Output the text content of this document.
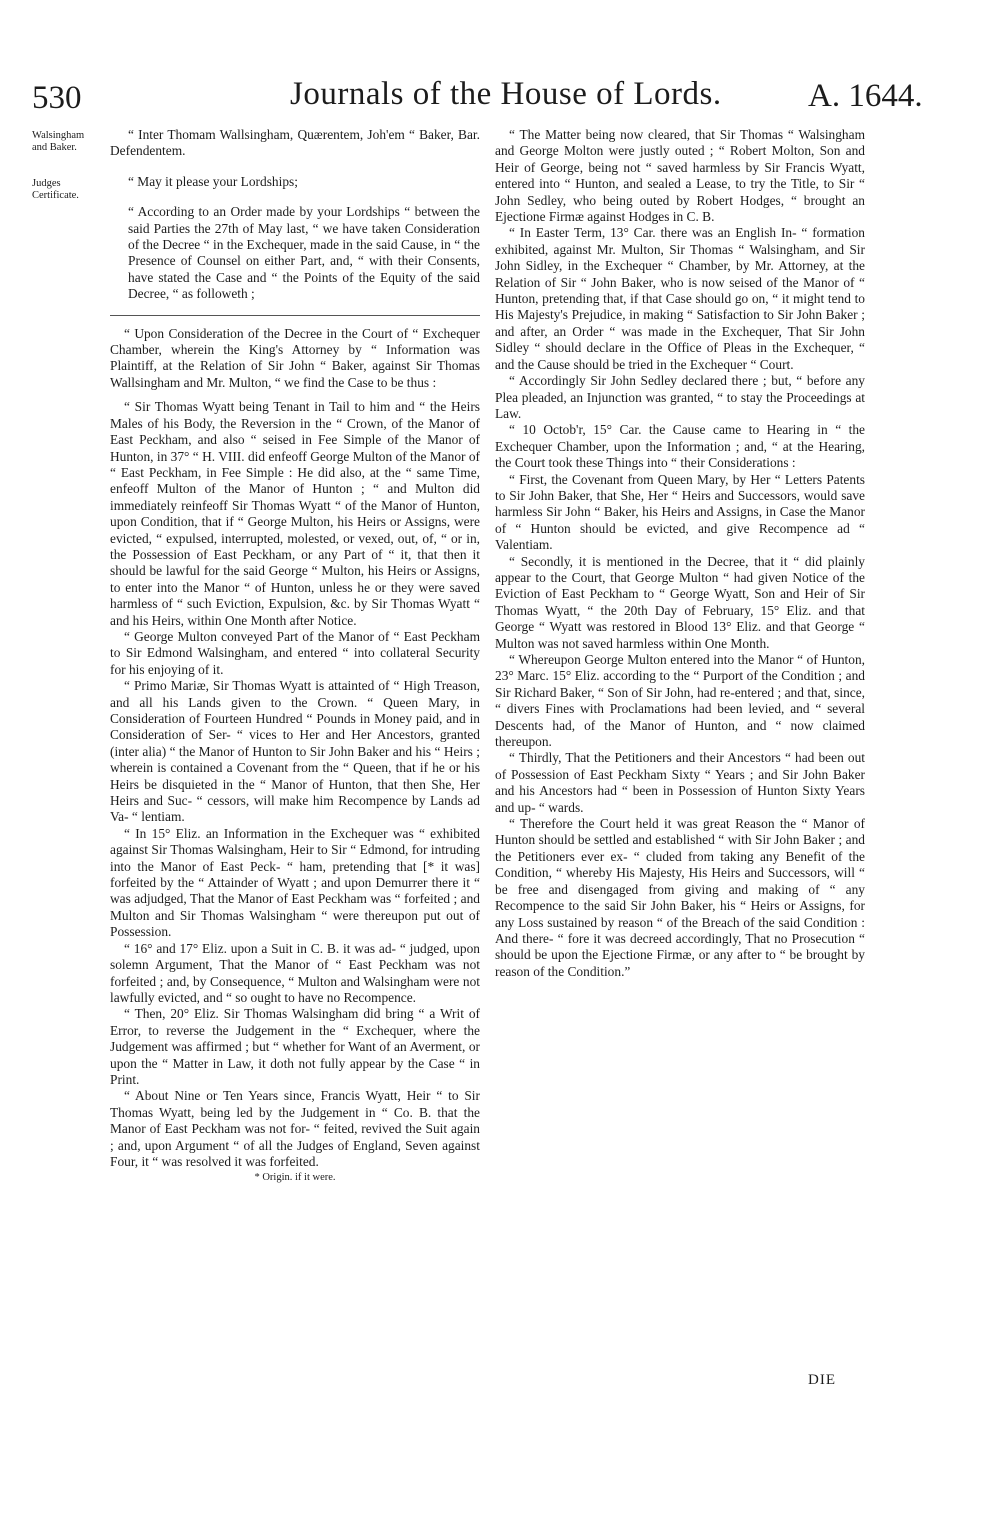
530	Journals of the House of Lords.	A. 1644.
Walsingham and Baker.
Judges Certificate.

“ Inter Thomam Wallsingham, Quærentem, Joh'em “ Baker, Bar. Defendentem.

“ May it please your Lordships;

“ According to an Order made by your Lordships “ between the said Parties the 27th of May last, “ we have taken Consideration of the Decree “ in the Exchequer, made in the said Cause, in “ the Presence of Counsel on either Part, and, “ with their Consents, have stated the Case and “ the Points of the Equity of the said Decree, “ as followeth ;

“ Upon Consideration of the Decree in the Court of “ Exchequer Chamber, wherein the King's Attorney by “ Information was Plaintiff, at the Relation of Sir John “ Baker, against Sir Thomas Wallsingham and Mr. Multon, “ we find the Case to be thus :

“ Sir Thomas Wyatt being Tenant in Tail to him and “ the Heirs Males of his Body, the Reversion in the “ Crown, of the Manor of East Peckham, and also “ seised in Fee Simple of the Manor of Hunton, in 37° “ H. VIII. did enfeoff George Multon of the Manor of “ East Peckham, in Fee Simple : He did also, at the “ same Time, enfeoff Multon of the Manor of Hunton ; “ and Multon did immediately reinfeoff Sir Thomas Wyatt “ of the Manor of Hunton, upon Condition, that if “ George Multon, his Heirs or Assigns, were evicted, “ expulsed, interrupted, molested, or vexed, out, of, “ or in, the Possession of East Peckham, or any Part of “ it, that then it should be lawful for the said George “ Multon, his Heirs or Assigns, to enter into the Manor “ of Hunton, unless he or they were saved harmless of “ such Eviction, Expulsion, &c. by Sir Thomas Wyatt “ and his Heirs, within One Month after Notice.

“ George Multon conveyed Part of the Manor of “ East Peckham to Sir Edmond Walsingham, and entered “ into collateral Security for his enjoying of it.

“ Primo Mariæ, Sir Thomas Wyatt is attainted of “ High Treason, and all his Lands given to the Crown. “ Queen Mary, in Consideration of Fourteen Hundred “ Pounds in Money paid, and in Consideration of Ser- “ vices to Her and Her Ancestors, granted (inter alia) “ the Manor of Hunton to Sir John Baker and his “ Heirs ; wherein is contained a Covenant from the “ Queen, that if he or his Heirs be disquieted in the “ Manor of Hunton, that then She, Her Heirs and Suc- “ cessors, will make him Recompence by Lands ad Va- “ lentiam.

“ In 15° Eliz. an Information in the Exchequer was “ exhibited against Sir Thomas Walsingham, Heir to Sir “ Edmond, for intruding into the Manor of East Peck- “ ham, pretending that [* it was] forfeited by the “ Attainder of Wyatt ; and upon Demurrer there it “ was adjudged, That the Manor of East Peckham was “ forfeited ; and Multon and Sir Thomas Walsingham “ were thereupon put out of Possession.

“ 16° and 17° Eliz. upon a Suit in C. B. it was ad- “ judged, upon solemn Argument, That the Manor of “ East Peckham was not forfeited ; and, by Consequence, “ Multon and Walsingham were not lawfully evicted, and “ so ought to have no Recompence.

“ Then, 20° Eliz. Sir Thomas Walsingham did bring “ a Writ of Error, to reverse the Judgement in the “ Exchequer, where the Judgement was affirmed ; but “ whether for Want of an Averment, or upon the “ Matter in Law, it doth not fully appear by the Case “ in Print.

“ About Nine or Ten Years since, Francis Wyatt, Heir “ to Sir Thomas Wyatt, being led by the Judgement in “ Co. B. that the Manor of East Peckham was not for- “ feited, revived the Suit again ; and, upon Argument “ of all the Judges of England, Seven against Four, it “ was resolved it was forfeited.

* Origin. if it were.

“ The Matter being now cleared, that Sir Thomas “ Walsingham and George Molton were justly outed ; “ Robert Molton, Son and Heir of George, being not “ saved harmless by Sir Francis Wyatt, entered into “ Hunton, and sealed a Lease, to try the Title, to Sir “ John Sedley, who being outed by Robert Hodges, “ brought an Ejectione Firmæ against Hodges in C. B.

“ In Easter Term, 13° Car. there was an English In- “ formation exhibited, against Mr. Multon, Sir Thomas “ Walsingham, and Sir John Sidley, in the Exchequer “ Chamber, by Mr. Attorney, at the Relation of Sir “ John Baker, who is now seised of the Manor of “ Hunton, pretending that, if that Case should go on, “ it might tend to His Majesty's Prejudice, in making “ Satisfaction to Sir John Baker ; and after, an Order “ was made in the Exchequer, That Sir John Sidley “ should declare in the Office of Pleas in the Exchequer, “ and the Cause should be tried in the Exchequer “ Court.

“ Accordingly Sir John Sedley declared there ; but, “ before any Plea pleaded, an Injunction was granted, “ to stay the Proceedings at Law.

“ 10 Octob'r, 15° Car. the Cause came to Hearing in “ the Exchequer Chamber, upon the Information ; and, “ at the Hearing, the Court took these Things into “ their Considerations :

“ First, the Covenant from Queen Mary, by Her “ Letters Patents to Sir John Baker, that She, Her “ Heirs and Successors, would save harmless Sir John “ Baker, his Heirs and Assigns, in Case the Manor of “ Hunton should be evicted, and give Recompence ad “ Valentiam.

“ Secondly, it is mentioned in the Decree, that it “ did plainly appear to the Court, that George Multon “ had given Notice of the Eviction of East Peckham to “ George Wyatt, Son and Heir of Sir Thomas Wyatt, “ the 20th Day of February, 15° Eliz. and that George “ Wyatt was restored in Blood 13° Eliz. and that George “ Multon was not saved harmless within One Month.

“ Whereupon George Multon entered into the Manor “ of Hunton, 23° Marc. 15° Eliz. according to the “ Purport of the Condition ; and Sir Richard Baker, “ Son of Sir John, had re-entered ; and that, since, “ divers Fines with Proclamations had been levied, and “ several Descents had, of the Manor of Hunton, and “ now claimed thereupon.

“ Thirdly, That the Petitioners and their Ancestors “ had been out of Possession of East Peckham Sixty “ Years ; and Sir John Baker and his Ancestors had “ been in Possession of Hunton Sixty Years and up- “ wards.

“ Therefore the Court held it was great Reason the “ Manor of Hunton should be settled and established “ with Sir John Baker ; and the Petitioners ever ex- “ cluded from taking any Benefit of the Condition, “ whereby His Majesty, His Heirs and Successors, will “ be free and disengaged from giving and making of “ any Recompence to the said Sir John Baker, his “ Heirs or Assigns, for any Loss sustained by reason “ of the Breach of the said Condition : And there- “ fore it was decreed accordingly, That no Prosecution “ should be upon the Ejectione Firmæ, or any after to “ be brought by reason of the Condition.”

DIE
